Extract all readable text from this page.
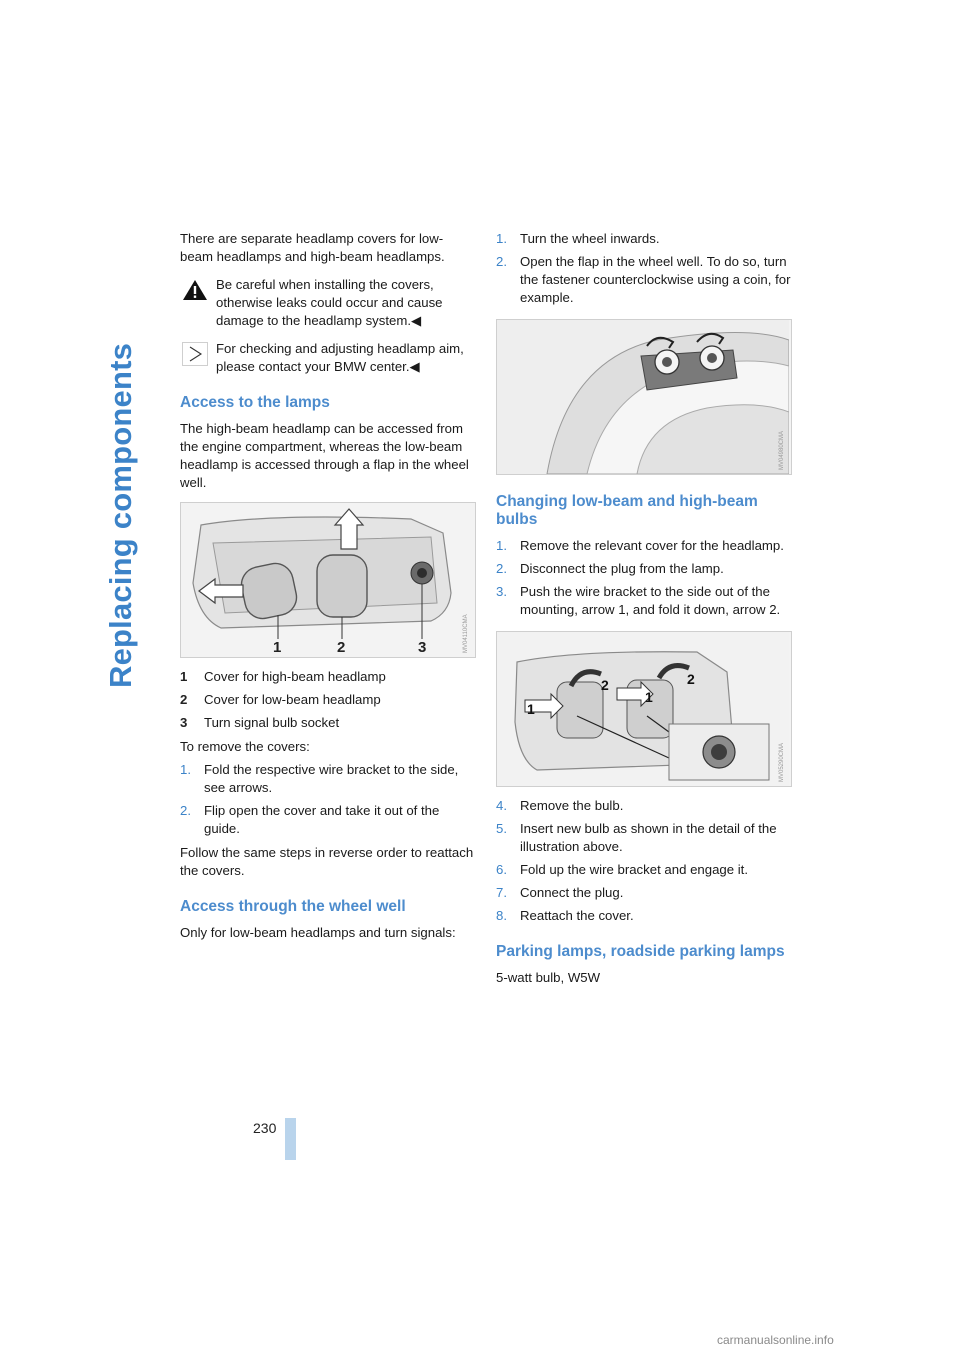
Replacing components

There are separate headlamp covers for low-beam headlamps and high-beam headlamps.

Be careful when installing the covers, otherwise leaks could occur and cause damage to the headlamp system.◀
For checking and adjusting headlamp aim, please contact your BMW center.◀
Access to the lamps

The high-beam headlamp can be accessed from the engine compartment, whereas the low-beam headlamp is accessed through a flap in the wheel well.

1	2	3	MV04110CMA
1	Cover for high-beam headlamp
2	Cover for low-beam headlamp
3	Turn signal bulb socket

To remove the covers:

1. Fold the respective wire bracket to the side, see arrows.
2. Flip open the cover and take it out of the guide.

Follow the same steps in reverse order to reattach the covers.

Access through the wheel well

Only for low-beam headlamps and turn signals:

1. Turn the wheel inwards.
2. Open the flap in the wheel well. To do so, turn the fastener counterclockwise using a coin, for example.
MV04980CMA
Changing low-beam and high-beam bulbs
1. Remove the relevant cover for the headlamp.
2. Disconnect the plug from the lamp.
3. Push the wire bracket to the side out of the mounting, arrow 1, and fold it down, arrow 2.
1
2
1
2
MV05290CMA
4. Remove the bulb.
5. Insert new bulb as shown in the detail of the illustration above.
6. Fold up the wire bracket and engage it.
7. Connect the plug.
8. Reattach the cover.
Parking lamps, roadside parking lamps

5-watt bulb, W5W

230
carmanualsonline.info
